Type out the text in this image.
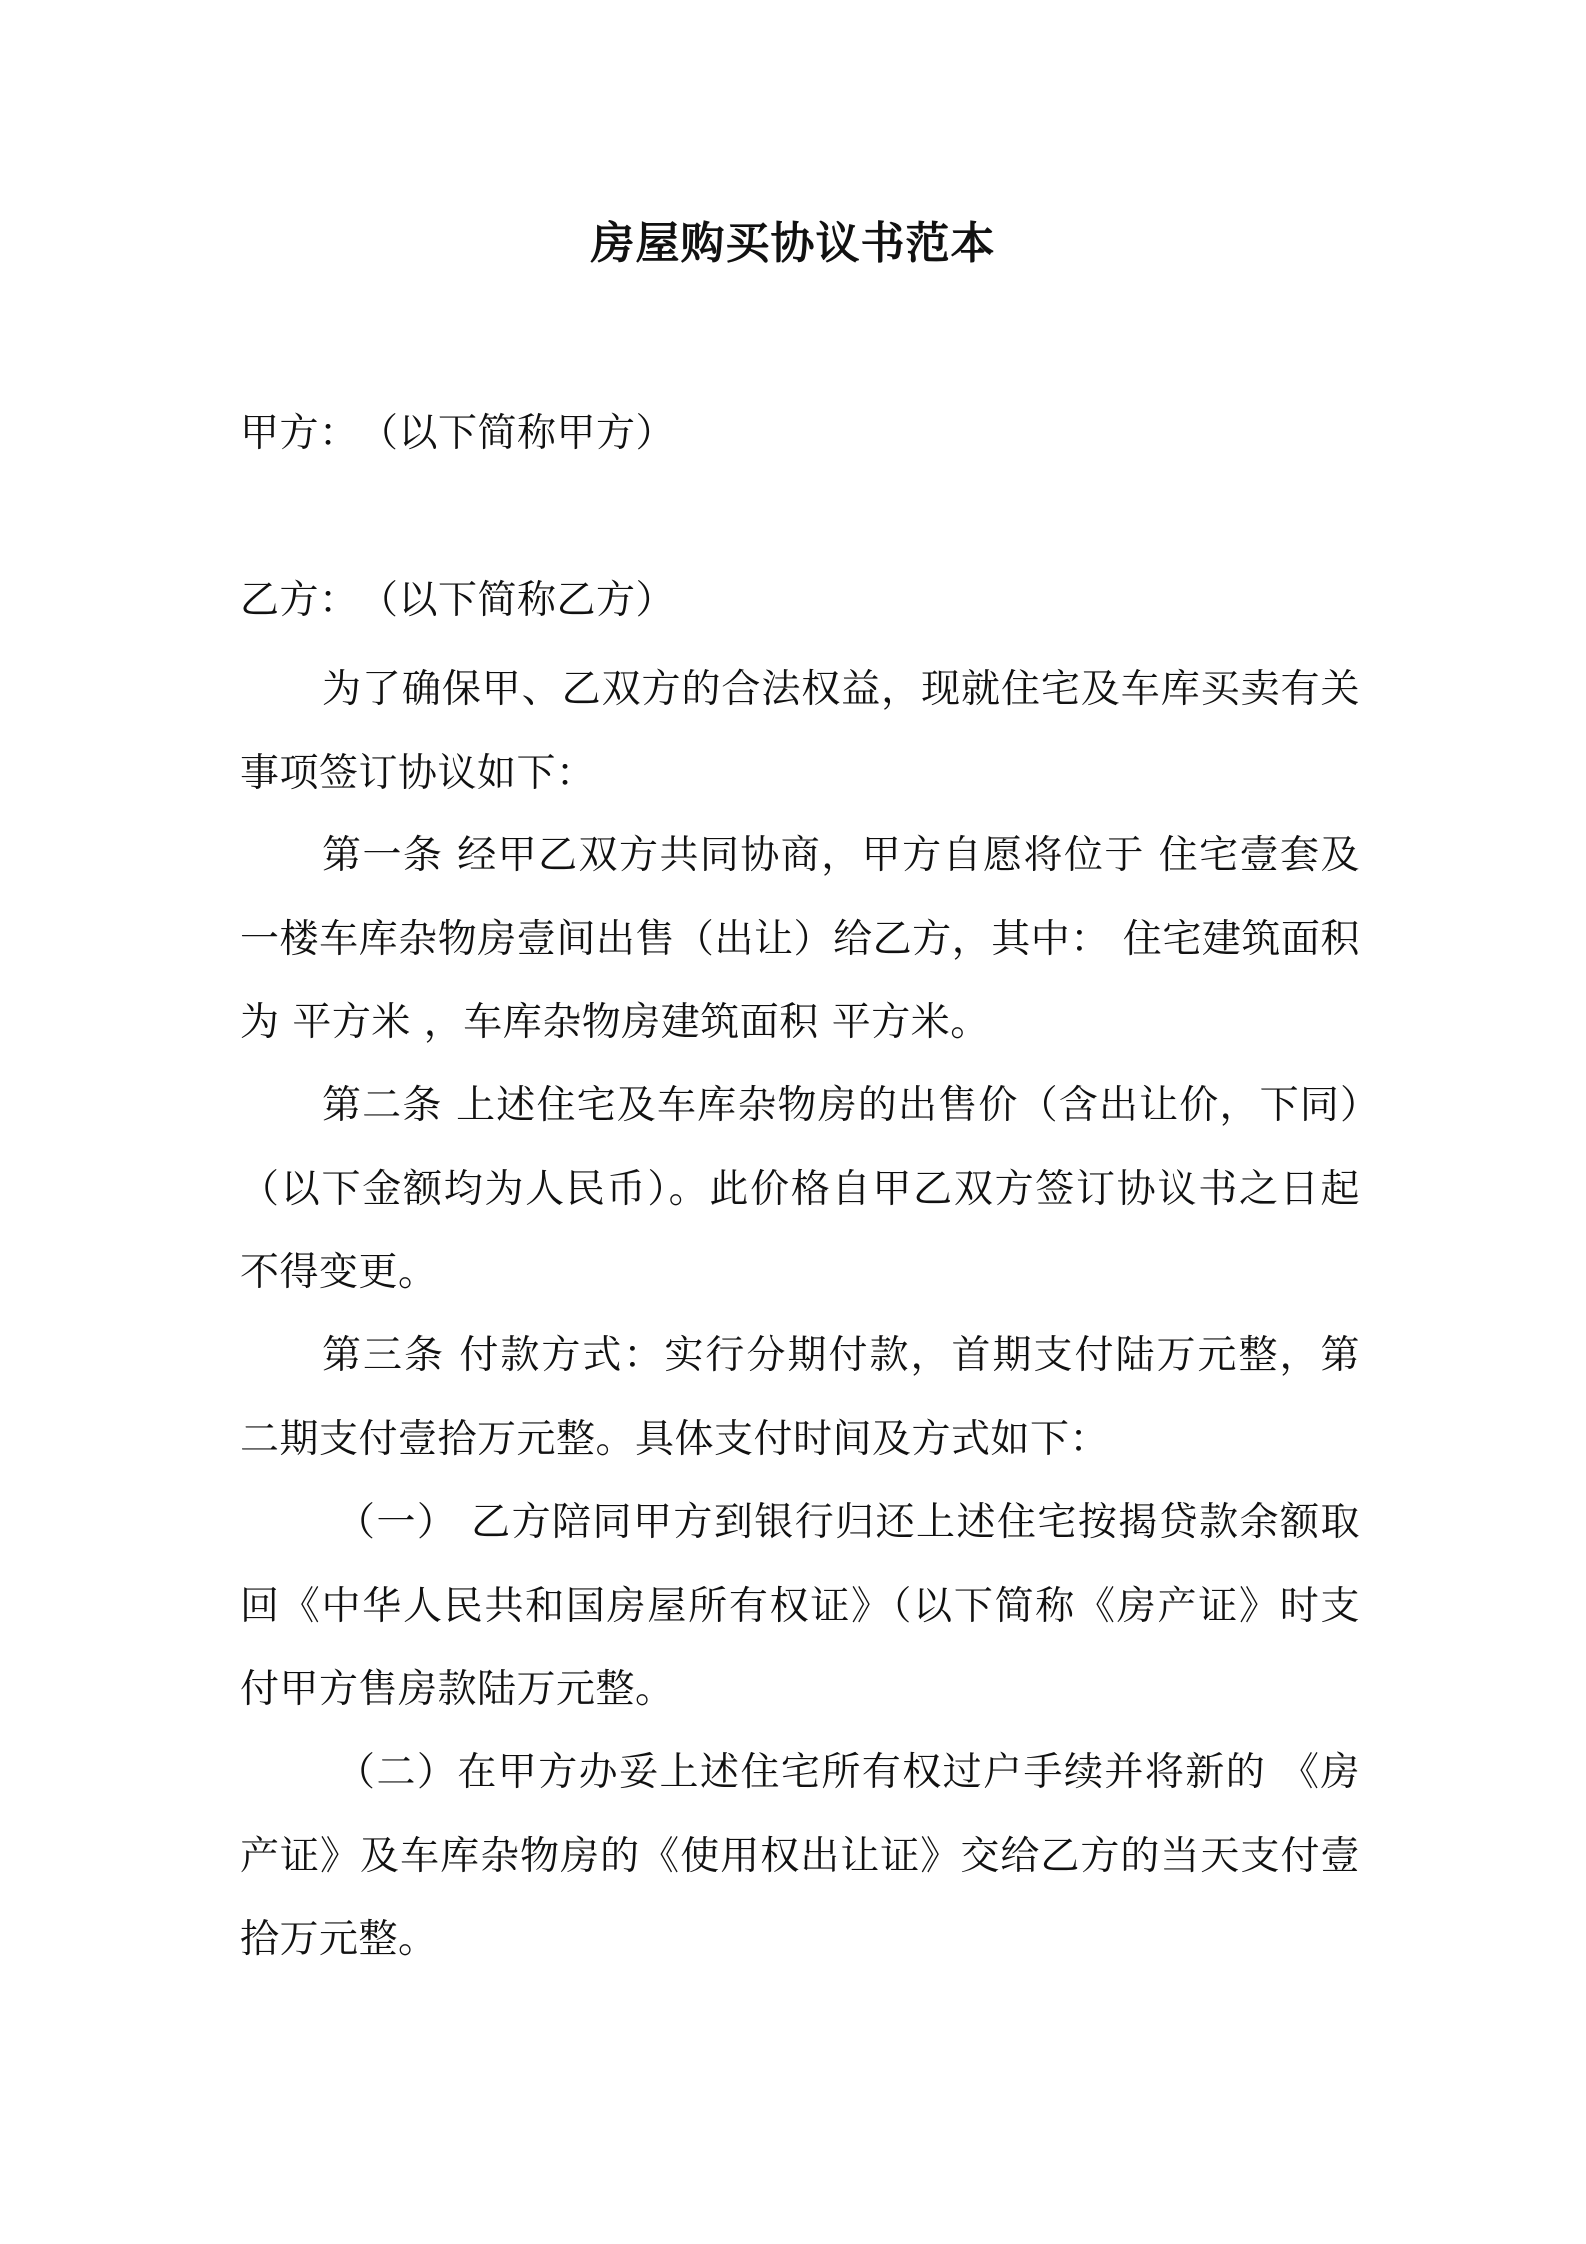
房屋购买协议书范本
甲方：　（以下简称甲方）
乙方：　（以下简称乙方）
为了确保甲、乙双方的合法权益，现就住宅及车库买卖有关事项签订协议如下：
第一条 经甲乙双方共同协商，甲方自愿将位于 住宅壹套及一楼车库杂物房壹间出售（出让）给乙方，其中： 住宅建筑面积为 平方米 ，车库杂物房建筑面积 平方米。
第二条 上述住宅及车库杂物房的出售价（含出让价，下同）（以下金额均为人民币）。此价格自甲乙双方签订协议书之日起不得变更。
第三条 付款方式：实行分期付款，首期支付陆万元整，第二期支付壹拾万元整。具体支付时间及方式如下：
（一） 乙方陪同甲方到银行归还上述住宅按揭贷款余额取回《中华人民共和国房屋所有权证》（以下简称《房产证》时支付甲方售房款陆万元整。
（二）在甲方办妥上述住宅所有权过户手续并将新的 《房产证》及车库杂物房的《使用权出让证》交给乙方的当天支付壹拾万元整。
